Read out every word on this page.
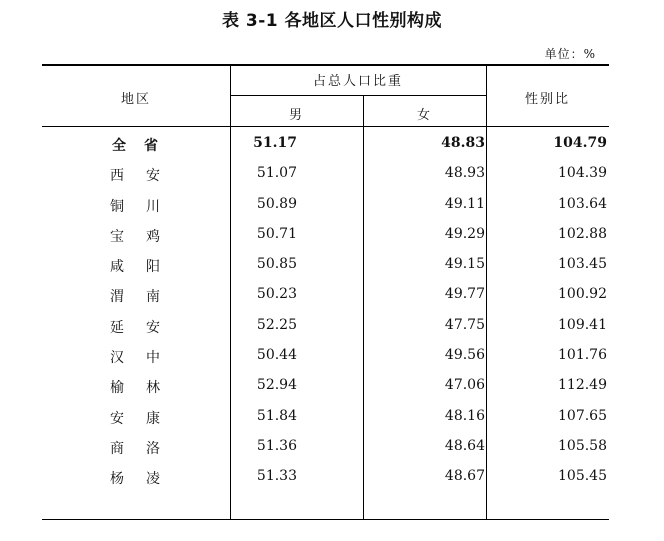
表 3-1 各地区人口性别构成
单位：%
地区
占总人口比重
男	女
性别比
全省	51.17	48.83	104.79
西安	51.07	48.93	104.39
铜川	50.89	49.11	103.64
宝鸡	50.71	49.29	102.88
咸阳	50.85	49.15	103.45
渭南	50.23	49.77	100.92
延安	52.25	47.75	109.41
汉中	50.44	49.56	101.76
榆林	52.94	47.06	112.49
安康	51.84	48.16	107.65
商洛	51.36	48.64	105.58
杨凌	51.33	48.67	105.45
